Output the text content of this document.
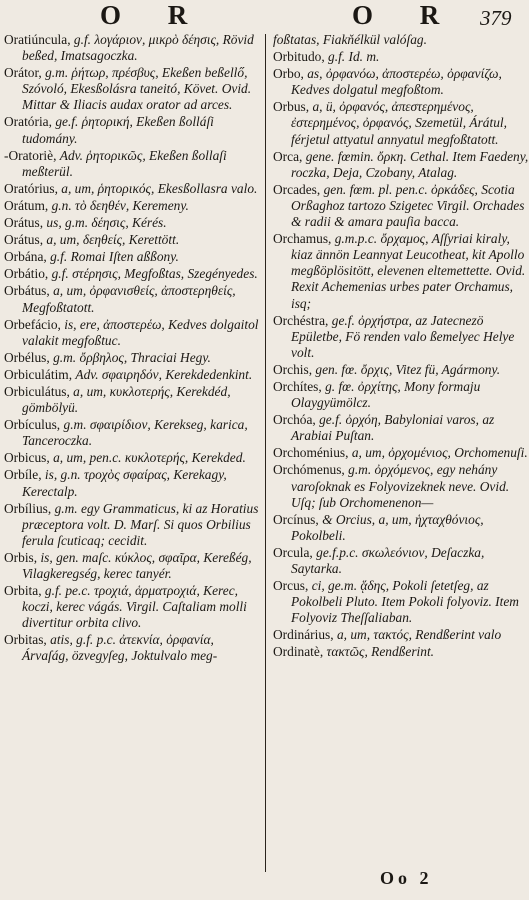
O R	O R 379

Oratiúncula, g.f. λογάριον, μικρὸ δέησις, Rövid beßed, Imatsagoczka.

Orátor, g.m. ῥήτωρ, πρέσβυς, Ekeßen beßellő, Szóvoló, Ekesßolásra taneitó, Követ. Ovid. Mittar & Iliacis audax orator ad arces.

Oratória, ge.f. ῥητορική, Ekeßen ßolláſi tudomány.

-Oratoriè, Adv. ῥητορικῶς, Ekeßen ßollaſi meßterül.

Oratórius, a, um, ῥητορικός, Ekesßollasra valo.

Orátum, g.n. τὸ δεηθέν, Keremeny.

Orátus, us, g.m. δέησις, Kérés.

Orátus, a, um, δεηθείς, Kerettött.

Orbána, g.f. Romai Iſten aßßony.

Orbátio, g.f. στέρησις, Megfoßtas, Szegényedes.

Orbátus, a, um, ὀρφανισθείς, ἀποστερηθείς, Megfoßtatott.

Orbefácio, is, ere, ἀποστερέω, Kedves dolgaitol valakit megfoßtuc.

Orbélus, g.m. ὄρβηλος, Thraciai Hegy.

Orbiculátim, Adv. σφαιρηδόν, Kerekdedenkint.

Orbiculátus, a, um, κυκλοτερής, Kerekdéd, gömbölyü.

Orbículus, g.m. σφαιρίδιον, Kerekseg, karica, Tanceroczka.

Orbicus, a, um, pen.c. κυκλοτερής, Kerekded.

Orbíle, is, g.n. τροχὸς σφαίρας, Kerekagy, Kerectalp.

Orbílius, g.m. egy Grammaticus, ki az Horatius præceptora volt. D. Marſ. Si quos Orbilius ferula ſcuticaq; cecidit.

Orbis, is, gen. maſc. κύκλος, σφαῖρα, Kereßég, Vilagkeregség, kerec tanyér.

Orbita, g.f. pe.c. τροχιά, ἁρματροχιά, Kerec, koczi, kerec vágás. Virgil. Caſtaliam molli divertitur orbita clivo.

Orbitas, atis, g.f. p.c. ἀτεκνία, ὀρφανία, Árvaſág, özvegyſeg, Joktulvalo meg-

foßtatas, Fiakňélkül valóſag.

Orbitudo, g.f. Id. m.

Orbo, as, ὀρφανόω, ἀποστερέω, ὀρφανίζω, Kedves dolgatul megfoßtom.

Orbus, a, ü, ὀρφανός, ἀπεστερημένος, ἐστερημένος, ὀρφανός, Szemetül, Árátul, férjetul attyatul annyatul megfoßtatott.

Orca, gene. fœmin. ὄρκη. Cethal. Item Faedeny, roczka, Deja, Czobany, Atalag.

Orcades, gen. fœm. pl. pen.c. ὀρκάδες, Scotia Orßaghoz tartozo Szigetec Virgil. Orchades & radii & amara pauſia bacca.

Orchamus, g.m.p.c. ὄρχαμος, Aſſyriai kiraly, kiaz ännön Leannyat Leucotheat, kit Apollo megßöplösitött, elevenen eltemettette. Ovid. Rexit Achemenias urbes pater Orchamus, isq;

Orchéstra, ge.f. ὀρχήστρα, az Jatecnezö Epületbe, Fö renden valo ßemelyec Helye volt.

Orchis, gen. fœ. ὄρχις, Vitez fü, Agármony.

Orchítes, g. fœ. ὀρχίτης, Mony formaju Olaygyümölcz.

Orchóa, ge.f. ὀρχόη, Babyloniai varos, az Arabiai Puſtan.

Orchoménius, a, um, ὀρχομένιος, Orchomenuſi.

Orchómenus, g.m. ὀρχόμενος, egy nehány varoſoknak es Folyovizeknek neve. Ovid. Uſq; ſub Orchomenenon—

Orcínus, & Orcius, a, um, ἡχταχθόνιος, Pokolbeli.

Orcula, ge.f.p.c. σκωλεόνιον, Deſaczka, Saytarka.

Orcus, ci, ge.m. ᾅδης, Pokoli ſetetſeg, az Pokolbeli Pluto. Item Pokoli folyoviz. Item Folyoviz Theſſaliaban.

Ordinárius, a, um, τακτός, Rendßerint valo

Ordinatè, τακτῶς, Rendßerint.

Oo 2
